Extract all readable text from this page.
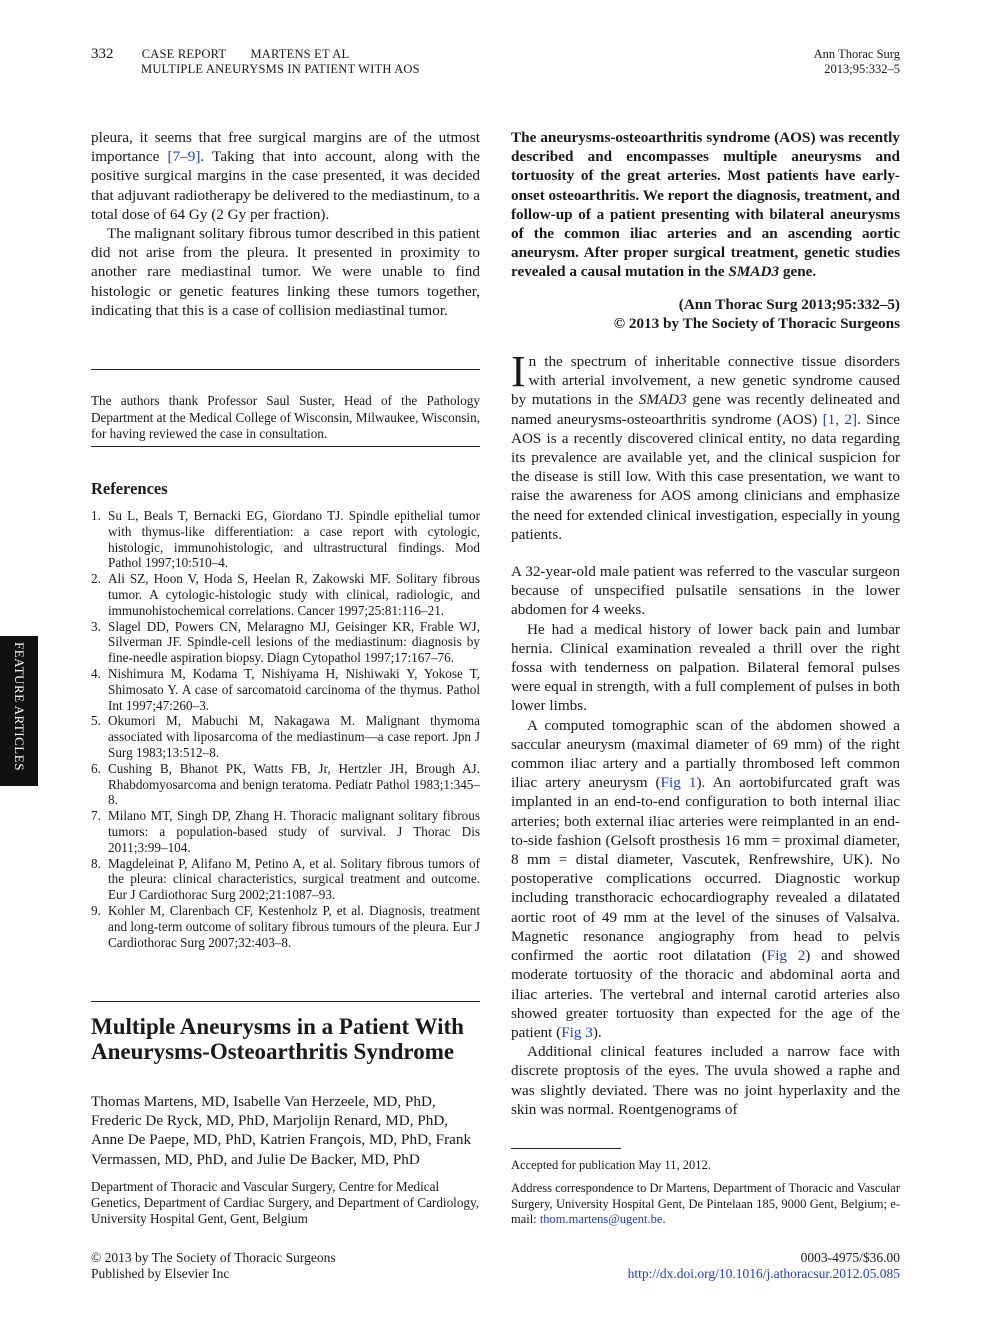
332 CASE REPORT MARTENS ET AL
MULTIPLE ANEURYSMS IN PATIENT WITH AOS
Ann Thorac Surg
2013;95:332–5
FEATURE ARTICLES

pleura, it seems that free surgical margins are of the utmost importance [7–9]. Taking that into account, along with the positive surgical margins in the case presented, it was decided that adjuvant radiotherapy be delivered to the mediastinum, to a total dose of 64 Gy (2 Gy per fraction).

The malignant solitary fibrous tumor described in this patient did not arise from the pleura. It presented in proximity to another rare mediastinal tumor. We were unable to find histologic or genetic features linking these tumors together, indicating that this is a case of collision mediastinal tumor.

The authors thank Professor Saul Suster, Head of the Pathology Department at the Medical College of Wisconsin, Milwaukee, Wisconsin, for having reviewed the case in consultation.
References
1. Su L, Beals T, Bernacki EG, Giordano TJ. Spindle epithelial tumor with thymus-like differentiation: a case report with cytologic, histologic, immunohistologic, and ultrastructural findings. Mod Pathol 1997;10:510–4.
2. Ali SZ, Hoon V, Hoda S, Heelan R, Zakowski MF. Solitary fibrous tumor. A cytologic-histologic study with clinical, radiologic, and immunohistochemical correlations. Cancer 1997;25:81:116–21.
3. Slagel DD, Powers CN, Melaragno MJ, Geisinger KR, Frable WJ, Silverman JF. Spindle-cell lesions of the mediastinum: diagnosis by fine-needle aspiration biopsy. Diagn Cytopathol 1997;17:167–76.
4. Nishimura M, Kodama T, Nishiyama H, Nishiwaki Y, Yokose T, Shimosato Y. A case of sarcomatoid carcinoma of the thymus. Pathol Int 1997;47:260–3.
5. Okumori M, Mabuchi M, Nakagawa M. Malignant thymoma associated with liposarcoma of the mediastinum—a case report. Jpn J Surg 1983;13:512–8.
6. Cushing B, Bhanot PK, Watts FB, Jr, Hertzler JH, Brough AJ. Rhabdomyosarcoma and benign teratoma. Pediatr Pathol 1983;1:345–8.
7. Milano MT, Singh DP, Zhang H. Thoracic malignant solitary fibrous tumors: a population-based study of survival. J Thorac Dis 2011;3:99–104.
8. Magdeleinat P, Alifano M, Petino A, et al. Solitary fibrous tumors of the pleura: clinical characteristics, surgical treatment and outcome. Eur J Cardiothorac Surg 2002;21:1087–93.
9. Kohler M, Clarenbach CF, Kestenholz P, et al. Diagnosis, treatment and long-term outcome of solitary fibrous tumours of the pleura. Eur J Cardiothorac Surg 2007;32:403–8.
Multiple Aneurysms in a Patient With Aneurysms-Osteoarthritis Syndrome
Thomas Martens, MD, Isabelle Van Herzeele, MD, PhD, Frederic De Ryck, MD, PhD, Marjolijn Renard, MD, PhD, Anne De Paepe, MD, PhD, Katrien François, MD, PhD, Frank Vermassen, MD, PhD, and Julie De Backer, MD, PhD
Department of Thoracic and Vascular Surgery, Centre for Medical Genetics, Department of Cardiac Surgery, and Department of Cardiology, University Hospital Gent, Gent, Belgium
The aneurysms-osteoarthritis syndrome (AOS) was recently described and encompasses multiple aneurysms and tortuosity of the great arteries. Most patients have early-onset osteoarthritis. We report the diagnosis, treatment, and follow-up of a patient presenting with bilateral aneurysms of the common iliac arteries and an ascending aortic aneurysm. After proper surgical treatment, genetic studies revealed a causal mutation in the SMAD3 gene.
(Ann Thorac Surg 2013;95:332–5)
© 2013 by The Society of Thoracic Surgeons

In the spectrum of inheritable connective tissue disorders with arterial involvement, a new genetic syndrome caused by mutations in the SMAD3 gene was recently delineated and named aneurysms-osteoarthritis syndrome (AOS) [1, 2]. Since AOS is a recently discovered clinical entity, no data regarding its prevalence are available yet, and the clinical suspicion for the disease is still low. With this case presentation, we want to raise the awareness for AOS among clinicians and emphasize the need for extended clinical investigation, especially in young patients.

A 32-year-old male patient was referred to the vascular surgeon because of unspecified pulsatile sensations in the lower abdomen for 4 weeks.

He had a medical history of lower back pain and lumbar hernia. Clinical examination revealed a thrill over the right fossa with tenderness on palpation. Bilateral femoral pulses were equal in strength, with a full complement of pulses in both lower limbs.

A computed tomographic scan of the abdomen showed a saccular aneurysm (maximal diameter of 69 mm) of the right common iliac artery and a partially thrombosed left common iliac artery aneurysm (Fig 1). An aortobifurcated graft was implanted in an end-to-end configuration to both internal iliac arteries; both external iliac arteries were reimplanted in an end-to-side fashion (Gelsoft prosthesis 16 mm = proximal diameter, 8 mm = distal diameter, Vascutek, Renfrewshire, UK). No postoperative complications occurred. Diagnostic workup including transthoracic echocardiography revealed a dilatated aortic root of 49 mm at the level of the sinuses of Valsalva. Magnetic resonance angiography from head to pelvis confirmed the aortic root dilatation (Fig 2) and showed moderate tortuosity of the thoracic and abdominal aorta and iliac arteries. The vertebral and internal carotid arteries also showed greater tortuosity than expected for the age of the patient (Fig 3).

Additional clinical features included a narrow face with discrete proptosis of the eyes. The uvula showed a raphe and was slightly deviated. There was no joint hyperlaxity and the skin was normal. Roentgenograms of

Accepted for publication May 11, 2012.
Address correspondence to Dr Martens, Department of Thoracic and Vascular Surgery, University Hospital Gent, De Pintelaan 185, 9000 Gent, Belgium; e-mail: thom.martens@ugent.be.
© 2013 by The Society of Thoracic Surgeons
Published by Elsevier Inc
0003-4975/$36.00
http://dx.doi.org/10.1016/j.athoracsur.2012.05.085
